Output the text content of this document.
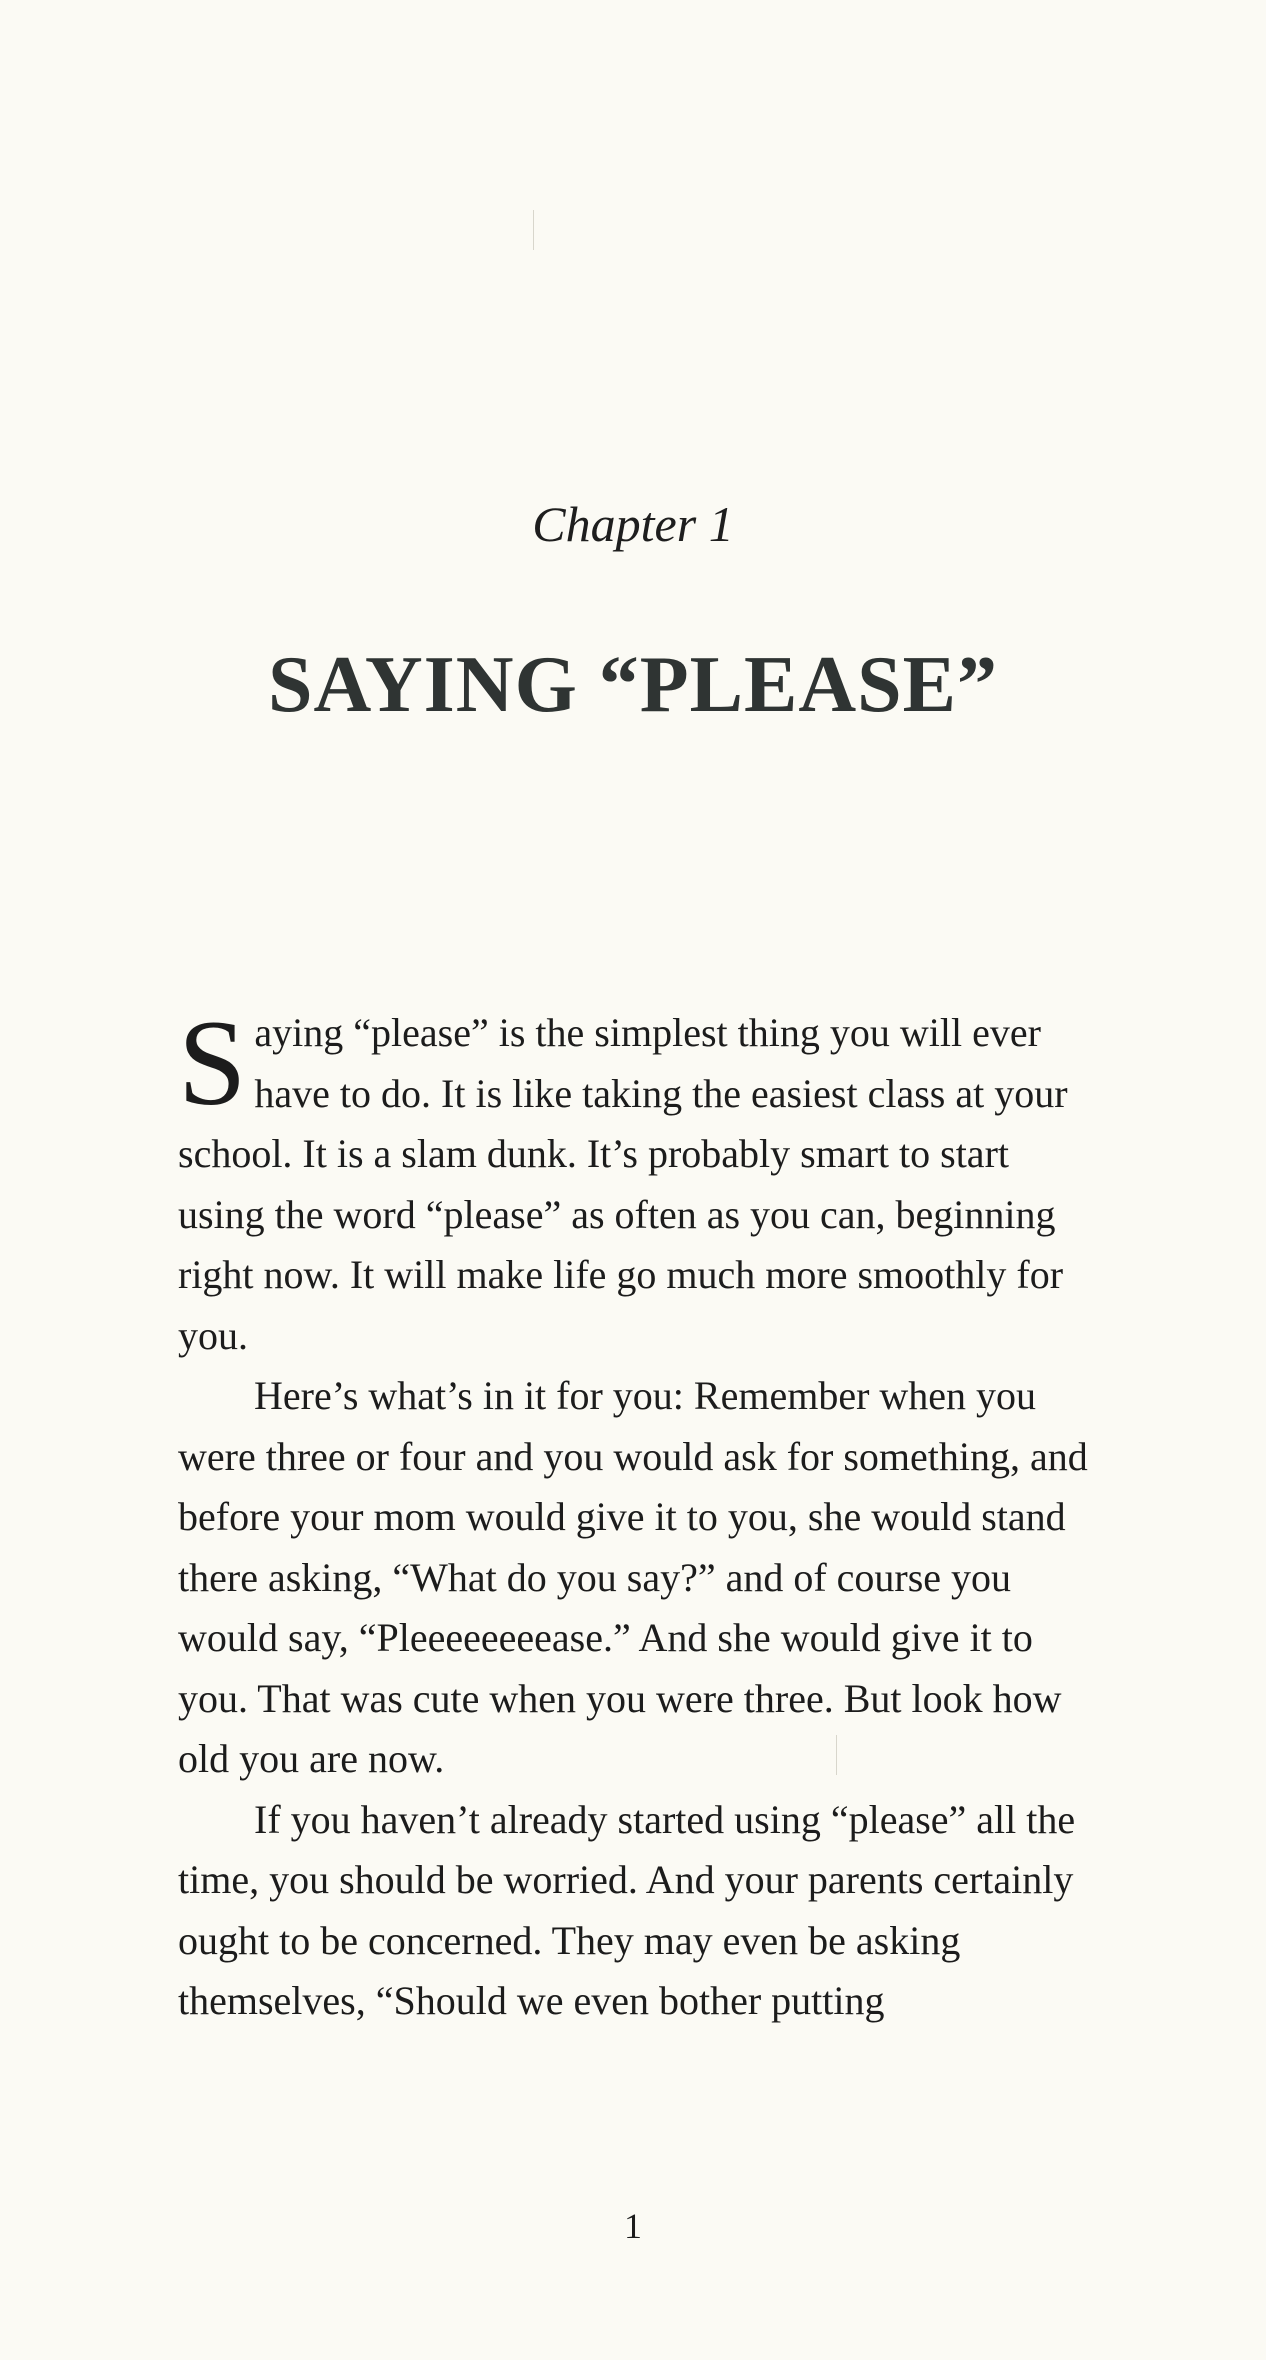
Chapter 1
SAYING “PLEASE”

Saying “please” is the simplest thing you will ever have to do. It is like taking the easiest class at your school. It is a slam dunk. It’s probably smart to start using the word “please” as often as you can, beginning right now. It will make life go much more smoothly for you.

Here’s what’s in it for you: Remember when you were three or four and you would ask for something, and before your mom would give it to you, she would stand there asking, “What do you say?” and of course you would say, “Pleeeeeeeease.” And she would give it to you. That was cute when you were three. But look how old you are now.

If you haven’t already started using “please” all the time, you should be worried. And your parents certainly ought to be concerned. They may even be asking themselves, “Should we even bother putting

1
